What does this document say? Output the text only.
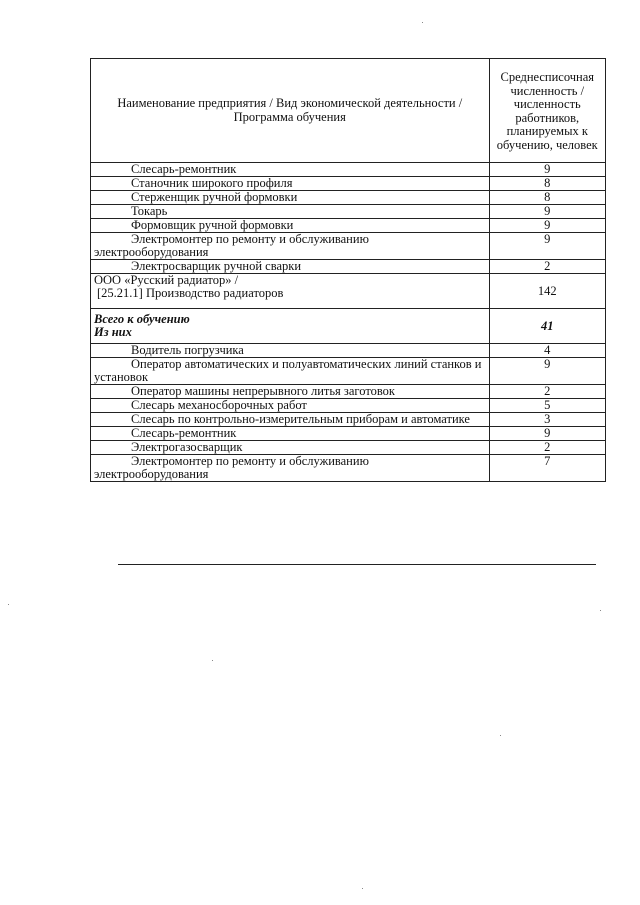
Наименование предприятия / Вид экономической деятельности / Программа обучения	Среднесписочная численность / численность работников, планируемых к обучению, человек
Слесарь-ремонтник	9
Станочник широкого профиля	8
Стерженщик ручной формовки	8
Токарь	9
Формовщик ручной формовки	9
Электромонтер по ремонту и обслуживанию электрооборудования	9
Электросварщик ручной сварки	2

ООО «Русский радиатор» /
[25.21.1] Производство радиаторов	142

Всего к обучению
Из них	41
Водитель погрузчика	4
Оператор автоматических и полуавтоматических линий станков и установок	9
Оператор машины непрерывного литья заготовок	2
Слесарь механосборочных работ	5
Слесарь по контрольно-измерительным приборам и автоматике	3
Слесарь-ремонтник	9
Электрогазосварщик	2
Электромонтер по ремонту и обслуживанию электрооборудования	7
